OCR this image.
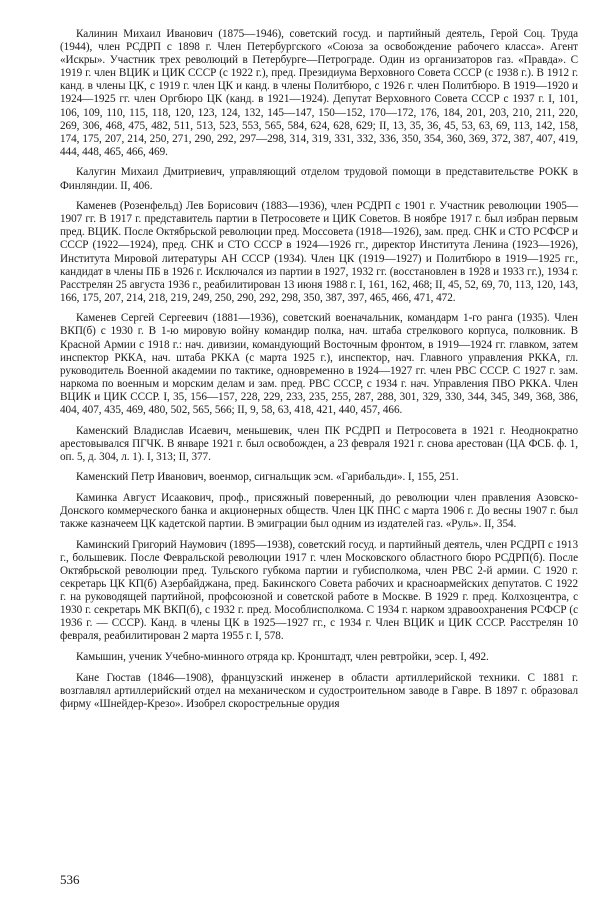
Калинин Михаил Иванович (1875—1946), советский госуд. и партийный деятель, Герой Соц. Труда (1944), член РСДРП с 1898 г. Член Петербургского «Союза за освобождение рабочего класса». Агент «Искры». Участник трех революций в Петербурге—Петрограде. Один из организаторов газ. «Правда». С 1919 г. член ВЦИК и ЦИК СССР (с 1922 г.), пред. Президиума Верховного Совета СССР (с 1938 г.). В 1912 г. канд. в члены ЦК, с 1919 г. член ЦК и канд. в члены Политбюро, с 1926 г. член Политбюро. В 1919—1920 и 1924—1925 гг. член Оргбюро ЦК (канд. в 1921—1924). Депутат Верховного Совета СССР с 1937 г. I, 101, 106, 109, 110, 115, 118, 120, 123, 124, 132, 145—147, 150—152, 170—172, 176, 184, 201, 203, 210, 211, 220, 269, 306, 468, 475, 482, 511, 513, 523, 553, 565, 584, 624, 628, 629; II, 13, 35, 36, 45, 53, 63, 69, 113, 142, 158, 174, 175, 207, 214, 250, 271, 290, 292, 297—298, 314, 319, 331, 332, 336, 350, 354, 360, 369, 372, 387, 407, 419, 444, 448, 465, 466, 469.

Калугин Михаил Дмитриевич, управляющий отделом трудовой помощи в представительстве РОКК в Финляндии. II, 406.

Каменев (Розенфельд) Лев Борисович (1883—1936), член РСДРП с 1901 г. Участник революции 1905—1907 гг. В 1917 г. представитель партии в Петросовете и ЦИК Советов. В ноябре 1917 г. был избран первым пред. ВЦИК. После Октябрьской революции пред. Моссовета (1918—1926), зам. пред. СНК и СТО РСФСР и СССР (1922—1924), пред. СНК и СТО СССР в 1924—1926 гг., директор Института Ленина (1923—1926), Института Мировой литературы АН СССР (1934). Член ЦК (1919—1927) и Политбюро в 1919—1925 гг., кандидат в члены ПБ в 1926 г. Исключался из партии в 1927, 1932 гг. (восстановлен в 1928 и 1933 гг.), 1934 г. Расстрелян 25 августа 1936 г., реабилитирован 13 июня 1988 г. I, 161, 162, 468; II, 45, 52, 69, 70, 113, 120, 143, 166, 175, 207, 214, 218, 219, 249, 250, 290, 292, 298, 350, 387, 397, 465, 466, 471, 472.

Каменев Сергей Сергеевич (1881—1936), советский военачальник, командарм 1-го ранга (1935). Член ВКП(б) с 1930 г. В 1-ю мировую войну командир полка, нач. штаба стрелкового корпуса, полковник. В Красной Армии с 1918 г.: нач. дивизии, командующий Восточным фронтом, в 1919—1924 гг. главком, затем инспектор РККА, нач. штаба РККА (с марта 1925 г.), инспектор, нач. Главного управления РККА, гл. руководитель Военной академии по тактике, одновременно в 1924—1927 гг. член РВС СССР. С 1927 г. зам. наркома по военным и морским делам и зам. пред. РВС СССР, с 1934 г. нач. Управления ПВО РККА. Член ВЦИК и ЦИК СССР. I, 35, 156—157, 228, 229, 233, 235, 255, 287, 288, 301, 329, 330, 344, 345, 349, 368, 386, 404, 407, 435, 469, 480, 502, 565, 566; II, 9, 58, 63, 418, 421, 440, 457, 466.

Каменский Владислав Исаевич, меньшевик, член ПК РСДРП и Петросовета в 1921 г. Неоднократно арестовывался ПГЧК. В январе 1921 г. был освобожден, а 23 февраля 1921 г. снова арестован (ЦА ФСБ. ф. 1, оп. 5, д. 304, л. 1). I, 313; II, 377.

Каменский Петр Иванович, военмор, сигнальщик эсм. «Гарибальди». I, 155, 251.

Каминка Август Исаакович, проф., присяжный поверенный, до революции член правления Азовско-Донского коммерческого банка и акционерных обществ. Член ЦК ПНС с марта 1906 г. До весны 1907 г. был также казначеем ЦК кадетской партии. В эмиграции был одним из издателей газ. «Руль». II, 354.

Каминский Григорий Наумович (1895—1938), советский госуд. и партийный деятель, член РСДРП с 1913 г., большевик. После Февральской революции 1917 г. член Московского областного бюро РСДРП(б). После Октябрьской революции пред. Тульского губкома партии и губисполкома, член РВС 2-й армии. С 1920 г. секретарь ЦК КП(б) Азербайджана, пред. Бакинского Совета рабочих и красноармейских депутатов. С 1922 г. на руководящей партийной, профсоюзной и советской работе в Москве. В 1929 г. пред. Колхозцентра, с 1930 г. секретарь МК ВКП(б), с 1932 г. пред. Мособлисполкома. С 1934 г. нарком здравоохранения РСФСР (с 1936 г. — СССР). Канд. в члены ЦК в 1925—1927 гг., с 1934 г. Член ВЦИК и ЦИК СССР. Расстрелян 10 февраля, реабилитирован 2 марта 1955 г. I, 578.

Камышин, ученик Учебно-минного отряда кр. Кронштадт, член ревтройки, эсер. I, 492.

Кане Гюстав (1846—1908), французский инженер в области артиллерийской техники. С 1881 г. возглавлял артиллерийский отдел на механическом и судостроительном заводе в Гавре. В 1897 г. образовал фирму «Шнейдер-Крезо». Изобрел скорострельные орудия

536
